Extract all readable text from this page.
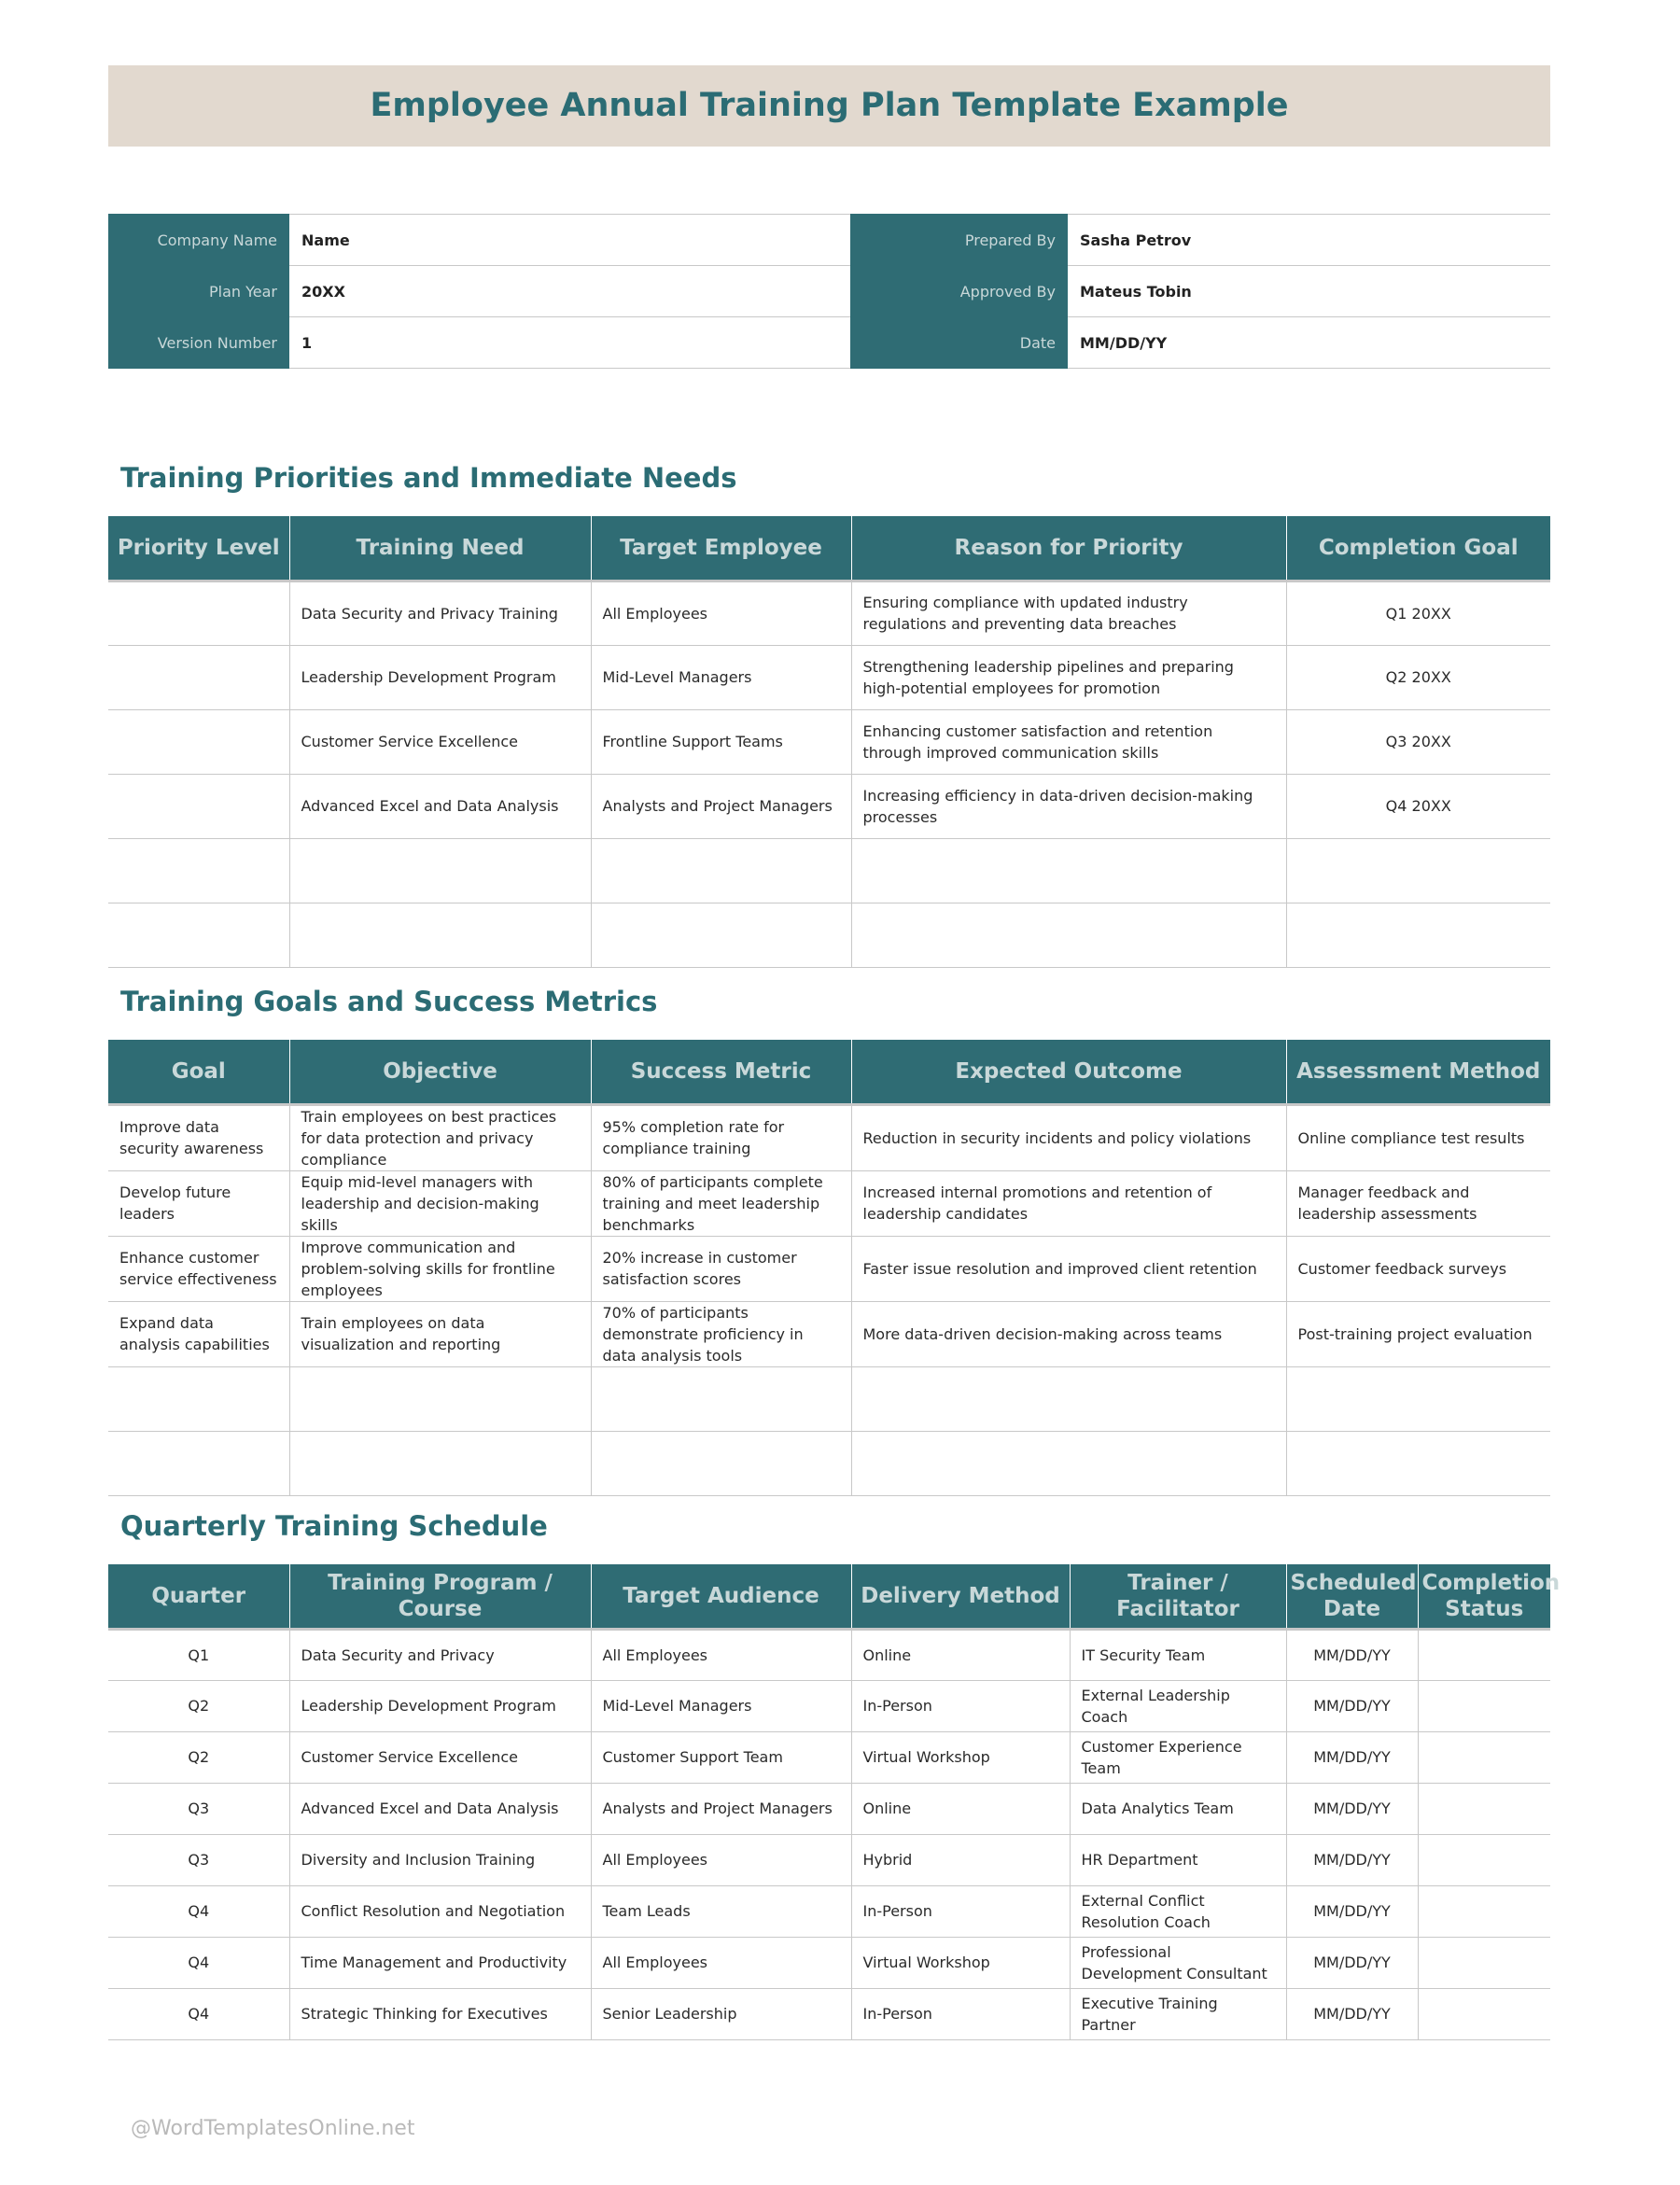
Employee Annual Training Plan Template Example
Company Name	Name
Plan Year	20XX
Version Number	1
Prepared By	Sasha Petrov
Approved By	Mateus Tobin
Date	MM/DD/YY
Training Priorities and Immediate Needs
Priority Level	Training Need	Target Employee	Reason for Priority	Completion Goal
	Data Security and Privacy Training	All Employees	Ensuring compliance with updated industry regulations and preventing data breaches	Q1 20XX
	Leadership Development Program	Mid-Level Managers	Strengthening leadership pipelines and preparing high-potential employees for promotion	Q2 20XX
	Customer Service Excellence	Frontline Support Teams	Enhancing customer satisfaction and retention through improved communication skills	Q3 20XX
	Advanced Excel and Data Analysis	Analysts and Project Managers	Increasing efficiency in data-driven decision-making processes	Q4 20XX

Training Goals and Success Metrics
Goal	Objective	Success Metric	Expected Outcome	Assessment Method
Improve data security awareness	Train employees on best practices for data protection and privacy compliance	95% completion rate for compliance training	Reduction in security incidents and policy violations	Online compliance test results
Develop future leaders	Equip mid-level managers with leadership and decision-making skills	80% of participants complete training and meet leadership benchmarks	Increased internal promotions and retention of leadership candidates	Manager feedback and leadership assessments
Enhance customer service effectiveness	Improve communication and problem-solving skills for frontline employees	20% increase in customer satisfaction scores	Faster issue resolution and improved client retention	Customer feedback surveys
Expand data analysis capabilities	Train employees on data visualization and reporting	70% of participants demonstrate proficiency in data analysis tools	More data-driven decision-making across teams	Post-training project evaluation

Quarterly Training Schedule
Quarter	Training Program / Course	Target Audience	Delivery Method	Trainer / Facilitator	Scheduled Date	Completion Status
Q1	Data Security and Privacy	All Employees	Online	IT Security Team	MM/DD/YY	
Q2	Leadership Development Program	Mid-Level Managers	In-Person	External Leadership Coach	MM/DD/YY	
Q2	Customer Service Excellence	Customer Support Team	Virtual Workshop	Customer Experience Team	MM/DD/YY	
Q3	Advanced Excel and Data Analysis	Analysts and Project Managers	Online	Data Analytics Team	MM/DD/YY	
Q3	Diversity and Inclusion Training	All Employees	Hybrid	HR Department	MM/DD/YY	
Q4	Conflict Resolution and Negotiation	Team Leads	In-Person	External Conflict Resolution Coach	MM/DD/YY	
Q4	Time Management and Productivity	All Employees	Virtual Workshop	Professional Development Consultant	MM/DD/YY	
Q4	Strategic Thinking for Executives	Senior Leadership	In-Person	Executive Training Partner	MM/DD/YY	
@WordTemplatesOnline.net
